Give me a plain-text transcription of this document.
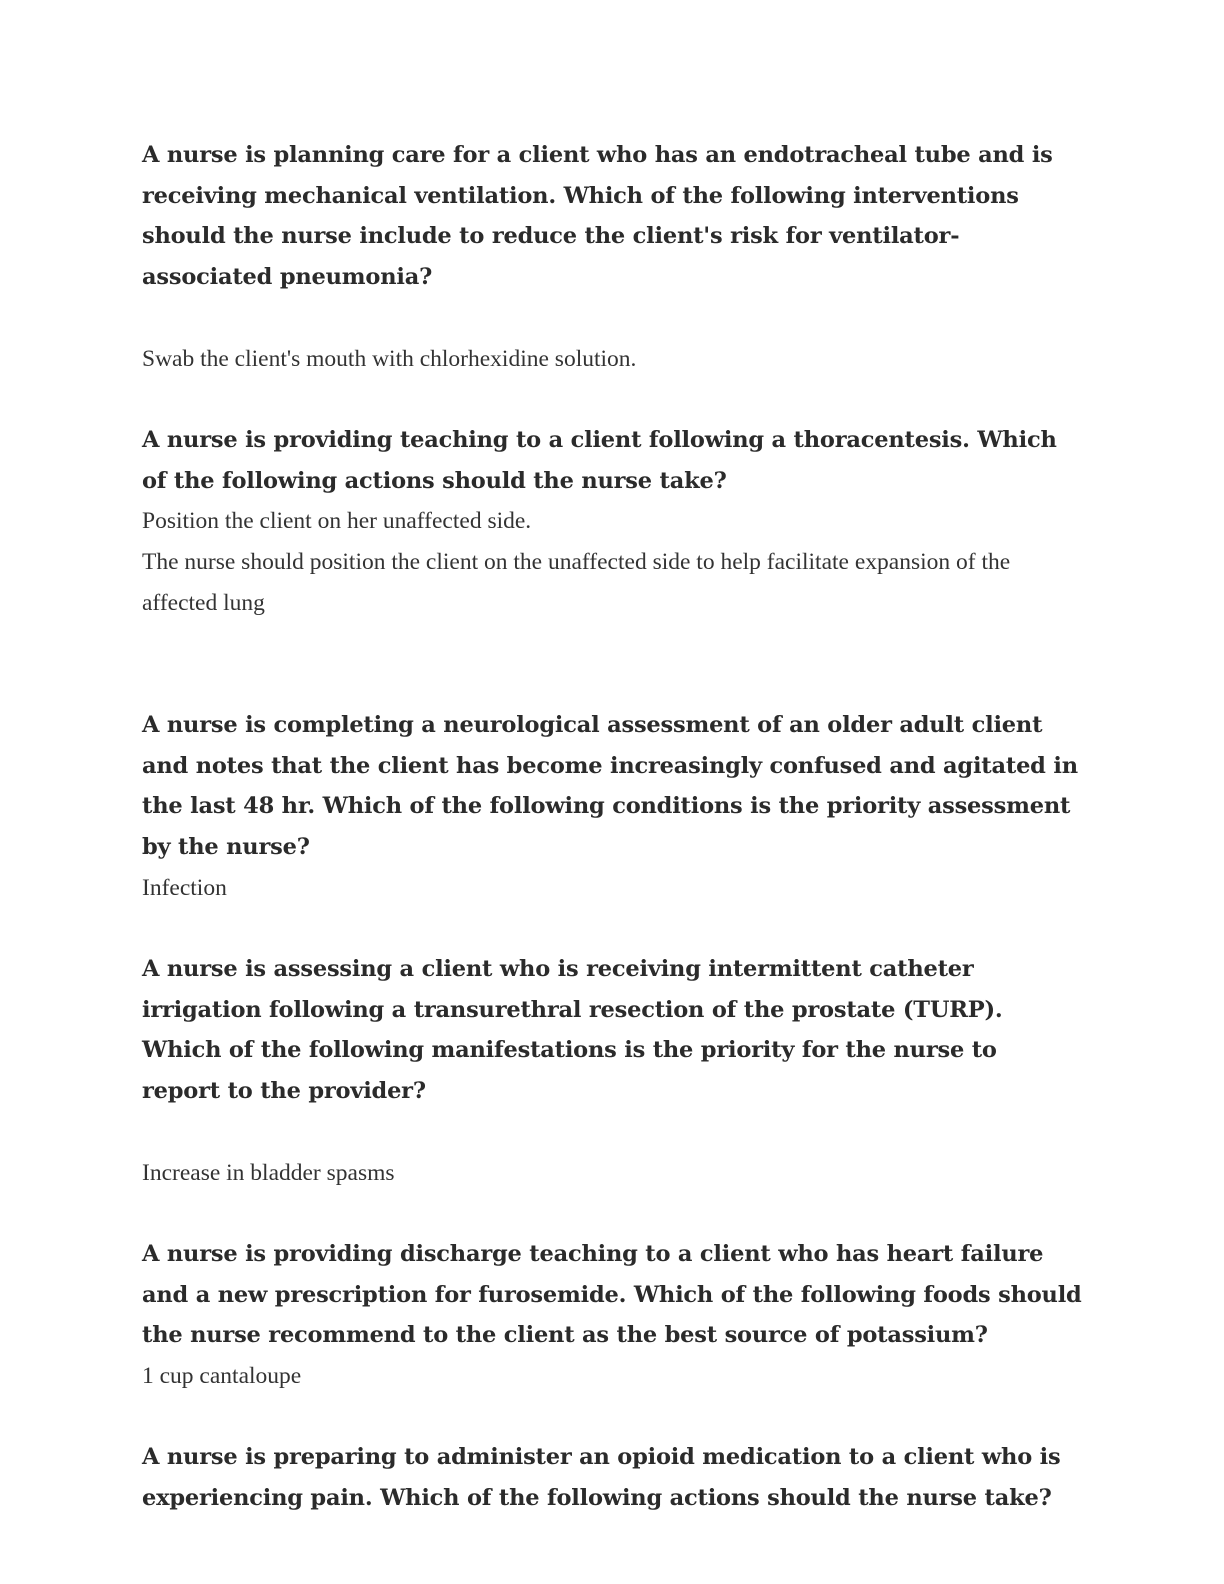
A nurse is planning care for a client who has an endotracheal tube and is receiving mechanical ventilation. Which of the following interventions should the nurse include to reduce the client's risk for ventilator-associated pneumonia?

Swab the client's mouth with chlorhexidine solution.

A nurse is providing teaching to a client following a thoracentesis. Which of the following actions should the nurse take?

Position the client on her unaffected side.

The nurse should position the client on the unaffected side to help facilitate expansion of the affected lung

A nurse is completing a neurological assessment of an older adult client and notes that the client has become increasingly confused and agitated in the last 48 hr. Which of the following conditions is the priority assessment by the nurse?

Infection

A nurse is assessing a client who is receiving intermittent catheter irrigation following a transurethral resection of the prostate (TURP). Which of the following manifestations is the priority for the nurse to report to the provider?

Increase in bladder spasms

A nurse is providing discharge teaching to a client who has heart failure and a new prescription for furosemide. Which of the following foods should the nurse recommend to the client as the best source of potassium?

1 cup cantaloupe

A nurse is preparing to administer an opioid medication to a client who is experiencing pain. Which of the following actions should the nurse take?
